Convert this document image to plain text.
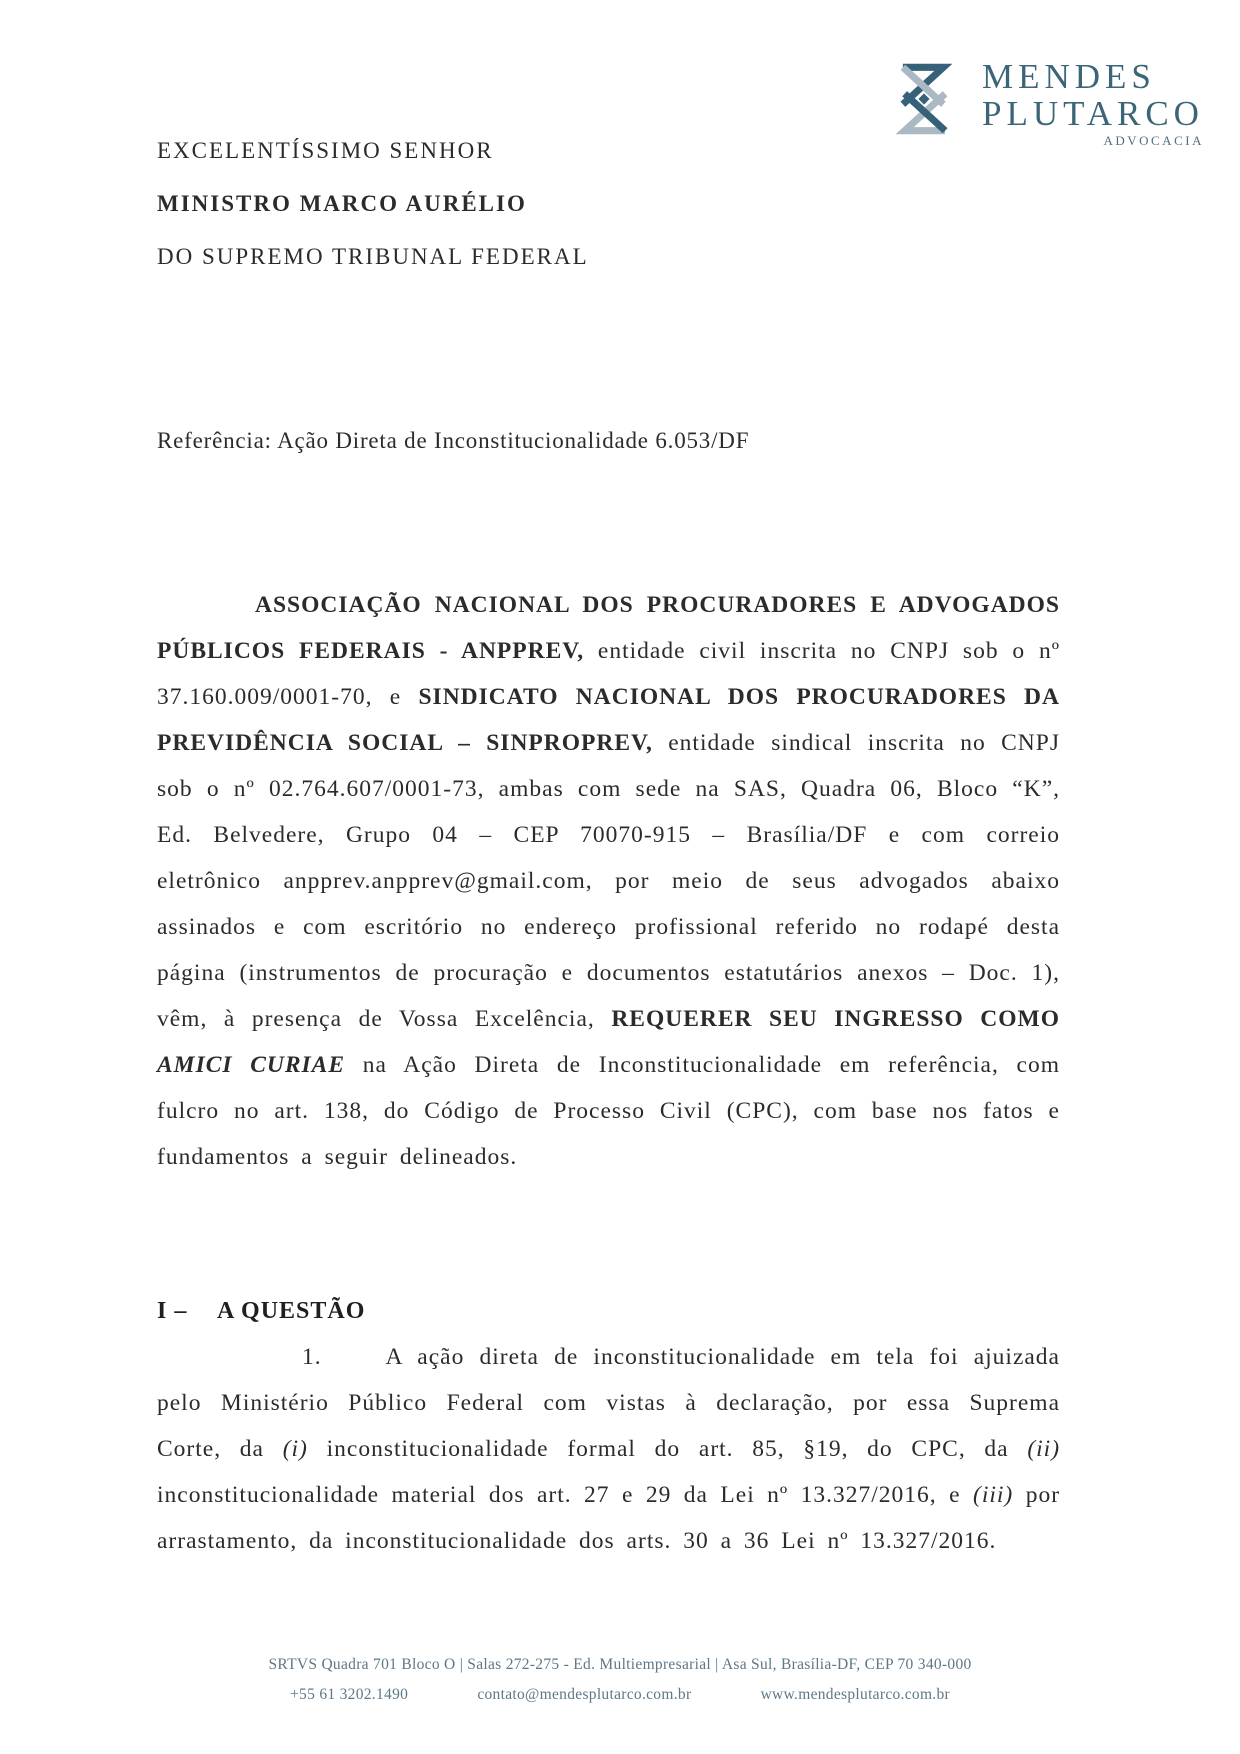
MENDES
PLUTARCO
ADVOCACIA

EXCELENTÍSSIMO SENHOR

MINISTRO MARCO AURÉLIO

DO SUPREMO TRIBUNAL FEDERAL

Referência: Ação Direta de Inconstitucionalidade 6.053/DF

ASSOCIAÇÃO NACIONAL DOS PROCURADORES E ADVOGADOS PÚBLICOS FEDERAIS - ANPPREV, entidade civil inscrita no CNPJ sob o nº 37.160.009/0001-70, e SINDICATO NACIONAL DOS PROCURADORES DA PREVIDÊNCIA SOCIAL – SINPROPREV, entidade sindical inscrita no CNPJ sob o nº 02.764.607/0001-73, ambas com sede na SAS, Quadra 06, Bloco “K”, Ed. Belvedere, Grupo 04 – CEP 70070-915 – Brasília/DF e com correio eletrônico anpprev.anpprev@gmail.com, por meio de seus advogados abaixo assinados e com escritório no endereço profissional referido no rodapé desta página (instrumentos de procuração e documentos estatutários anexos – Doc. 1), vêm, à presença de Vossa Excelência, REQUERER SEU INGRESSO COMO AMICI CURIAE na Ação Direta de Inconstitucionalidade em referência, com fulcro no art. 138, do Código de Processo Civil (CPC), com base nos fatos e fundamentos a seguir delineados.

I – A QUESTÃO

1.	A ação direta de inconstitucionalidade em tela foi ajuizada pelo Ministério Público Federal com vistas à declaração, por essa Suprema Corte, da (i) inconstitucionalidade formal do art. 85, §19, do CPC, da (ii) inconstitucionalidade material dos art. 27 e 29 da Lei nº 13.327/2016, e (iii) por arrastamento, da inconstitucionalidade dos arts. 30 a 36 Lei nº 13.327/2016.

SRTVS Quadra 701 Bloco O | Salas 272-275 - Ed. Multiempresarial | Asa Sul, Brasília-DF, CEP 70 340-000

+55 61 3202.1490	contato@mendesplutarco.com.br	www.mendesplutarco.com.br
